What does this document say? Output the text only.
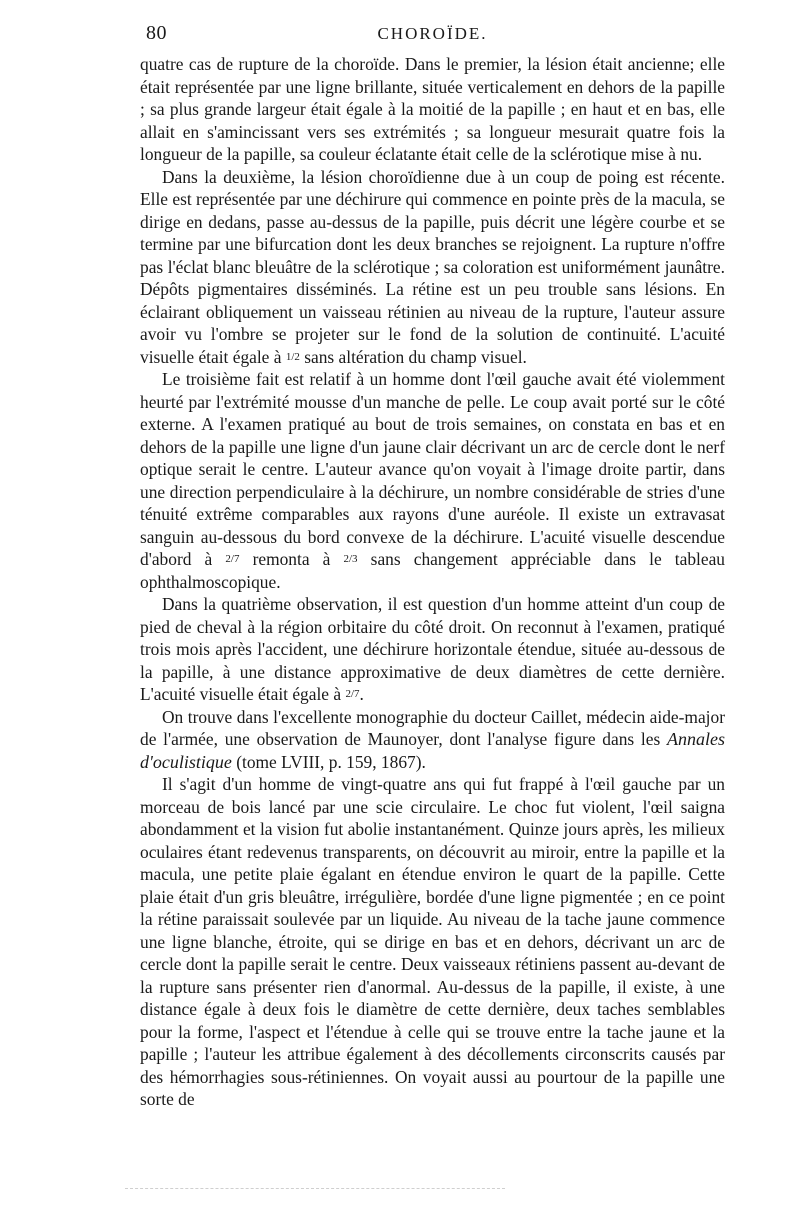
80	CHOROÏDE.

quatre cas de rupture de la choroïde. Dans le premier, la lésion était ancienne; elle était représentée par une ligne brillante, située verticalement en dehors de la papille ; sa plus grande largeur était égale à la moitié de la papille ; en haut et en bas, elle allait en s'amincissant vers ses extrémités ; sa longueur mesurait quatre fois la longueur de la papille, sa couleur éclatante était celle de la sclérotique mise à nu.

Dans la deuxième, la lésion choroïdienne due à un coup de poing est récente. Elle est représentée par une déchirure qui commence en pointe près de la macula, se dirige en dedans, passe au-dessus de la papille, puis décrit une légère courbe et se termine par une bifurcation dont les deux branches se rejoignent. La rupture n'offre pas l'éclat blanc bleuâtre de la sclérotique ; sa coloration est uniformément jaunâtre. Dépôts pigmentaires disséminés. La rétine est un peu trouble sans lésions. En éclairant obliquement un vaisseau rétinien au niveau de la rupture, l'auteur assure avoir vu l'ombre se projeter sur le fond de la solution de continuité. L'acuité visuelle était égale à 1/2 sans altération du champ visuel.

Le troisième fait est relatif à un homme dont l'œil gauche avait été violemment heurté par l'extrémité mousse d'un manche de pelle. Le coup avait porté sur le côté externe. A l'examen pratiqué au bout de trois semaines, on constata en bas et en dehors de la papille une ligne d'un jaune clair décrivant un arc de cercle dont le nerf optique serait le centre. L'auteur avance qu'on voyait à l'image droite partir, dans une direction perpendiculaire à la déchirure, un nombre considérable de stries d'une ténuité extrême comparables aux rayons d'une auréole. Il existe un extravasat sanguin au-dessous du bord convexe de la déchirure. L'acuité visuelle descendue d'abord à 2/7 remonta à 2/3 sans changement appréciable dans le tableau ophthalmoscopique.

Dans la quatrième observation, il est question d'un homme atteint d'un coup de pied de cheval à la région orbitaire du côté droit. On reconnut à l'examen, pratiqué trois mois après l'accident, une déchirure horizontale étendue, située au-dessous de la papille, à une distance approximative de deux diamètres de cette dernière. L'acuité visuelle était égale à 2/7.

On trouve dans l'excellente monographie du docteur Caillet, médecin aide-major de l'armée, une observation de Maunoyer, dont l'analyse figure dans les Annales d'oculistique (tome LVIII, p. 159, 1867).

Il s'agit d'un homme de vingt-quatre ans qui fut frappé à l'œil gauche par un morceau de bois lancé par une scie circulaire. Le choc fut violent, l'œil saigna abondamment et la vision fut abolie instantanément. Quinze jours après, les milieux oculaires étant redevenus transparents, on découvrit au miroir, entre la papille et la macula, une petite plaie égalant en étendue environ le quart de la papille. Cette plaie était d'un gris bleuâtre, irrégulière, bordée d'une ligne pigmentée ; en ce point la rétine paraissait soulevée par un liquide. Au niveau de la tache jaune commence une ligne blanche, étroite, qui se dirige en bas et en dehors, décrivant un arc de cercle dont la papille serait le centre. Deux vaisseaux rétiniens passent au-devant de la rupture sans présenter rien d'anormal. Au-dessus de la papille, il existe, à une distance égale à deux fois le diamètre de cette dernière, deux taches semblables pour la forme, l'aspect et l'étendue à celle qui se trouve entre la tache jaune et la papille ; l'auteur les attribue également à des décollements circonscrits causés par des hémorrhagies sous-rétiniennes. On voyait aussi au pourtour de la papille une sorte de
